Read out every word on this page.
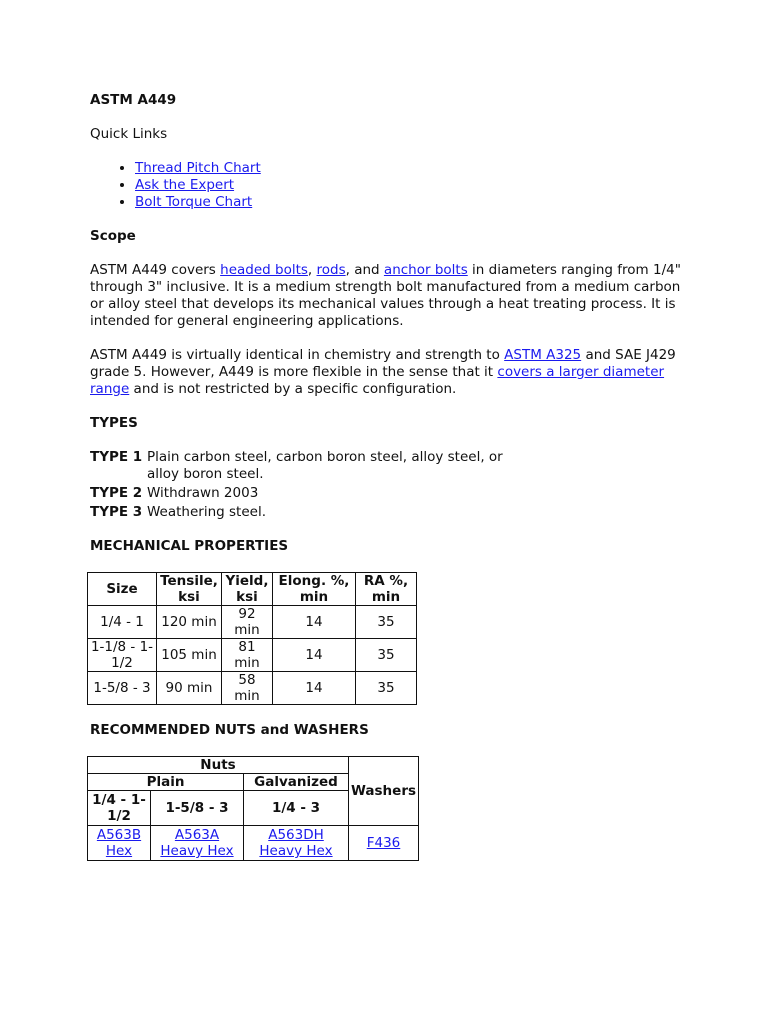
ASTM A449
Quick Links
• Thread Pitch Chart
• Ask the Expert
• Bolt Torque Chart
Scope

ASTM A449 covers headed bolts, rods, and anchor bolts in diameters ranging from 1/4" through 3" inclusive. It is a medium strength bolt manufactured from a medium carbon or alloy steel that develops its mechanical values through a heat treating process. It is intended for general engineering applications.

ASTM A449 is virtually identical in chemistry and strength to ASTM A325 and SAE J429 grade 5. However, A449 is more flexible in the sense that it covers a larger diameter range and is not restricted by a specific configuration.

TYPES
TYPE 1 Plain carbon steel, carbon boron steel, alloy steel, or alloy boron steel.
TYPE 2 Withdrawn 2003
TYPE 3 Weathering steel.
MECHANICAL PROPERTIES
Size	Tensile, ksi	Yield, ksi	Elong. %, min	RA %, min
1/4 - 1	120 min	92 min	14	35
1-1/8 - 1-1/2	105 min	81 min	14	35
1-5/8 - 3	90 min	58 min	14	35
RECOMMENDED NUTS and WASHERS
Nuts			Washers
Plain		Galvanized	
1/4 - 1-1/2	1-5/8 - 3	1/4 - 3	
A563B Hex	A563A Heavy Hex	A563DH Heavy Hex	F436
